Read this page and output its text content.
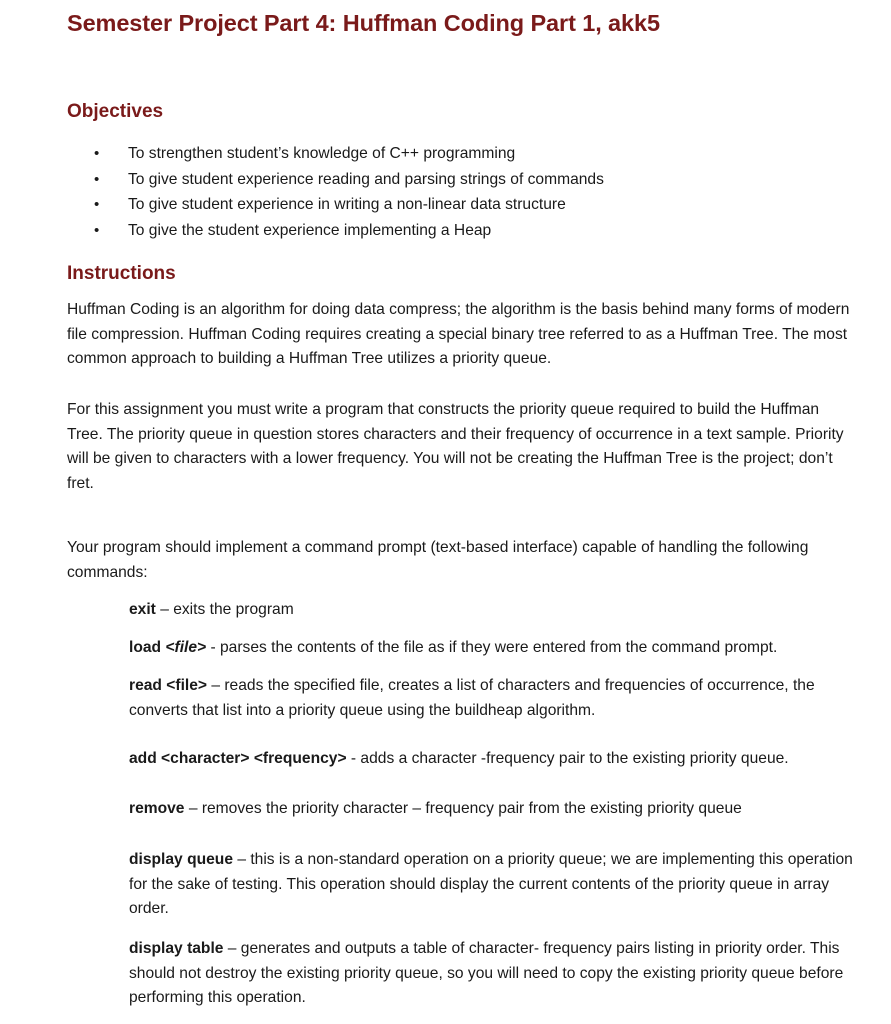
Semester Project Part 4: Huffman Coding Part 1, akk5
Objectives
• To strengthen student’s knowledge of C++ programming
• To give student experience reading and parsing strings of commands
• To give student experience in writing a non-linear data structure
• To give the student experience implementing a Heap
Instructions

Huffman Coding is an algorithm for doing data compress; the algorithm is the basis behind many forms of modern file compression. Huffman Coding requires creating a special binary tree referred to as a Huffman Tree. The most common approach to building a Huffman Tree utilizes a priority queue.

For this assignment you must write a program that constructs the priority queue required to build the Huffman Tree. The priority queue in question stores characters and their frequency of occurrence in a text sample. Priority will be given to characters with a lower frequency. You will not be creating the Huffman Tree is the project; don’t fret.

Your program should implement a command prompt (text-based interface) capable of handling the following commands:

exit – exits the program

load <file> - parses the contents of the file as if they were entered from the command prompt.

read <file> – reads the specified file, creates a list of characters and frequencies of occurrence, the converts that list into a priority queue using the buildheap algorithm.

add <character> <frequency> - adds a character -frequency pair to the existing priority queue.

remove – removes the priority character – frequency pair from the existing priority queue

display queue – this is a non-standard operation on a priority queue; we are implementing this operation for the sake of testing. This operation should display the current contents of the priority queue in array order.

display table – generates and outputs a table of character- frequency pairs listing in priority order. This should not destroy the existing priority queue, so you will need to copy the existing priority queue before performing this operation.
